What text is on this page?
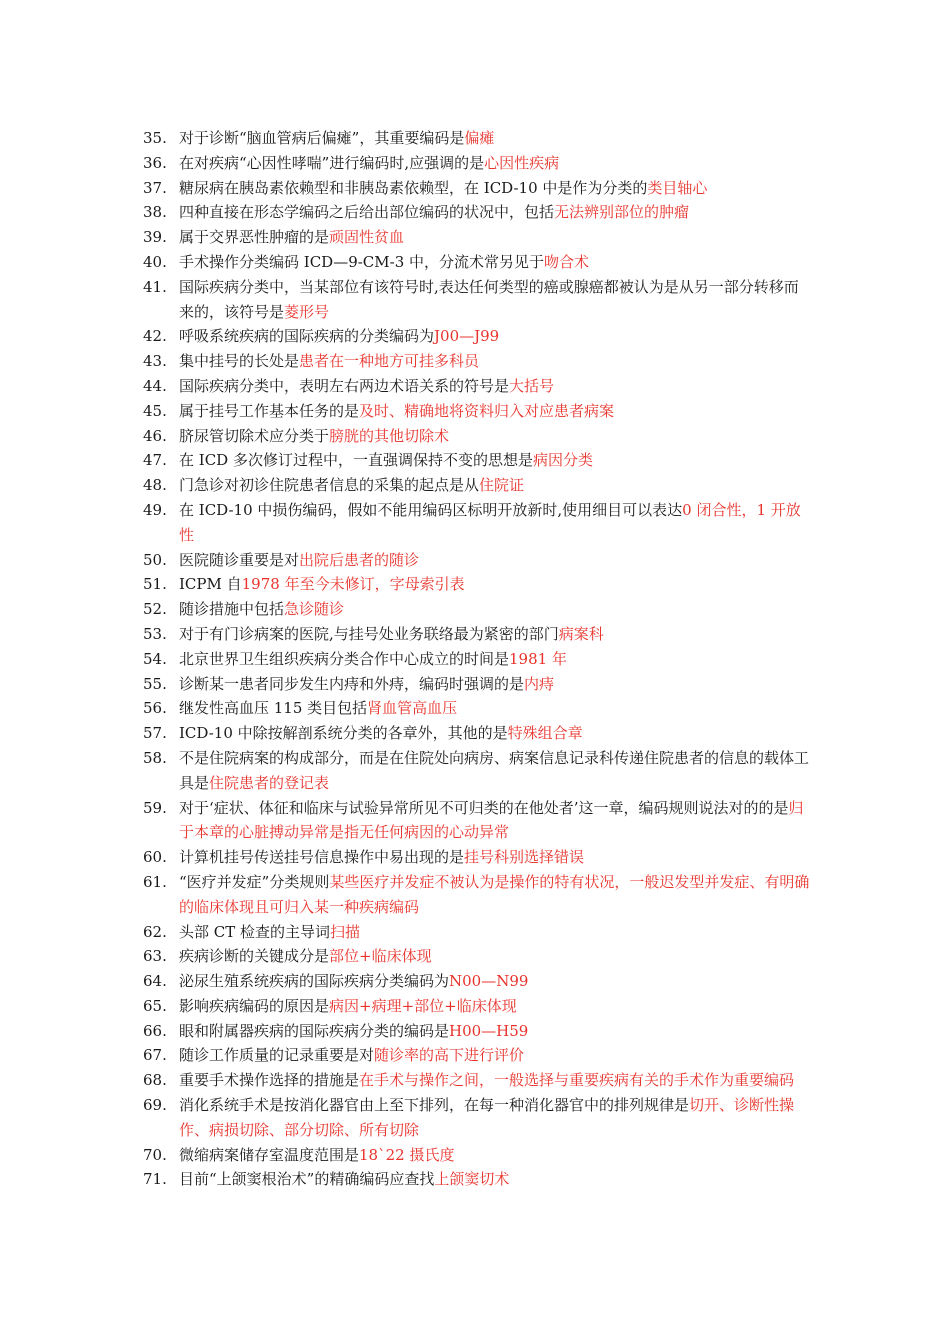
35. 对于诊断“脑血管病后偏瘫”，其重要编码是偏瘫
36. 在对疾病“心因性哮喘”进行编码时,应强调的是心因性疾病
37. 糖尿病在胰岛素依赖型和非胰岛素依赖型，在 ICD-10 中是作为分类的类目轴心
38. 四种直接在形态学编码之后给出部位编码的状况中，包括无法辨别部位的肿瘤
39. 属于交界恶性肿瘤的是顽固性贫血
40. 手术操作分类编码 ICD—9-CM-3 中，分流术常另见于吻合术
41. 国际疾病分类中，当某部位有该符号时,表达任何类型的癌或腺癌都被认为是从另一部分转移而来的，该符号是菱形号
42. 呼吸系统疾病的国际疾病的分类编码为J00—J99
43. 集中挂号的长处是患者在一种地方可挂多科员
44. 国际疾病分类中，表明左右两边术语关系的符号是大括号
45. 属于挂号工作基本任务的是及时、精确地将资料归入对应患者病案
46. 脐尿管切除术应分类于膀胱的其他切除术
47. 在 ICD 多次修订过程中，一直强调保持不变的思想是病因分类
48. 门急诊对初诊住院患者信息的采集的起点是从住院证
49. 在 ICD-10 中损伤编码，假如不能用编码区标明开放新时,使用细目可以表达0 闭合性，1 开放性
50. 医院随诊重要是对出院后患者的随诊
51. ICPM 自1978 年至今未修订，字母索引表
52. 随诊措施中包括急诊随诊
53. 对于有门诊病案的医院,与挂号处业务联络最为紧密的部门病案科
54. 北京世界卫生组织疾病分类合作中心成立的时间是1981 年
55. 诊断某一患者同步发生内痔和外痔，编码时强调的是内痔
56. 继发性高血压 115 类目包括肾血管高血压
57. ICD-10 中除按解剖系统分类的各章外，其他的是特殊组合章
58. 不是住院病案的构成部分，而是在住院处向病房、病案信息记录科传递住院患者的信息的载体工具是住院患者的登记表
59. 对于‘症状、体征和临床与试验异常所见不可归类的在他处者’这一章，编码规则说法对的的是归于本章的心脏搏动异常是指无任何病因的心动异常
60. 计算机挂号传送挂号信息操作中易出现的是挂号科别选择错误
61. “医疗并发症”分类规则某些医疗并发症不被认为是操作的特有状况，一般迟发型并发症、有明确的临床体现且可归入某一种疾病编码
62. 头部 CT 检查的主导词扫描
63. 疾病诊断的关键成分是部位+临床体现
64. 泌尿生殖系统疾病的国际疾病分类编码为N00—N99
65. 影响疾病编码的原因是病因+病理+部位+临床体现
66. 眼和附属器疾病的国际疾病分类的编码是H00—H59
67. 随诊工作质量的记录重要是对随诊率的高下进行评价
68. 重要手术操作选择的措施是在手术与操作之间，一般选择与重要疾病有关的手术作为重要编码
69. 消化系统手术是按消化器官由上至下排列，在每一种消化器官中的排列规律是切开、诊断性操作、病损切除、部分切除、所有切除
70. 微缩病案储存室温度范围是18`22 摄氏度
71. 目前“上颌窦根治术”的精确编码应查找上颌窦切术
